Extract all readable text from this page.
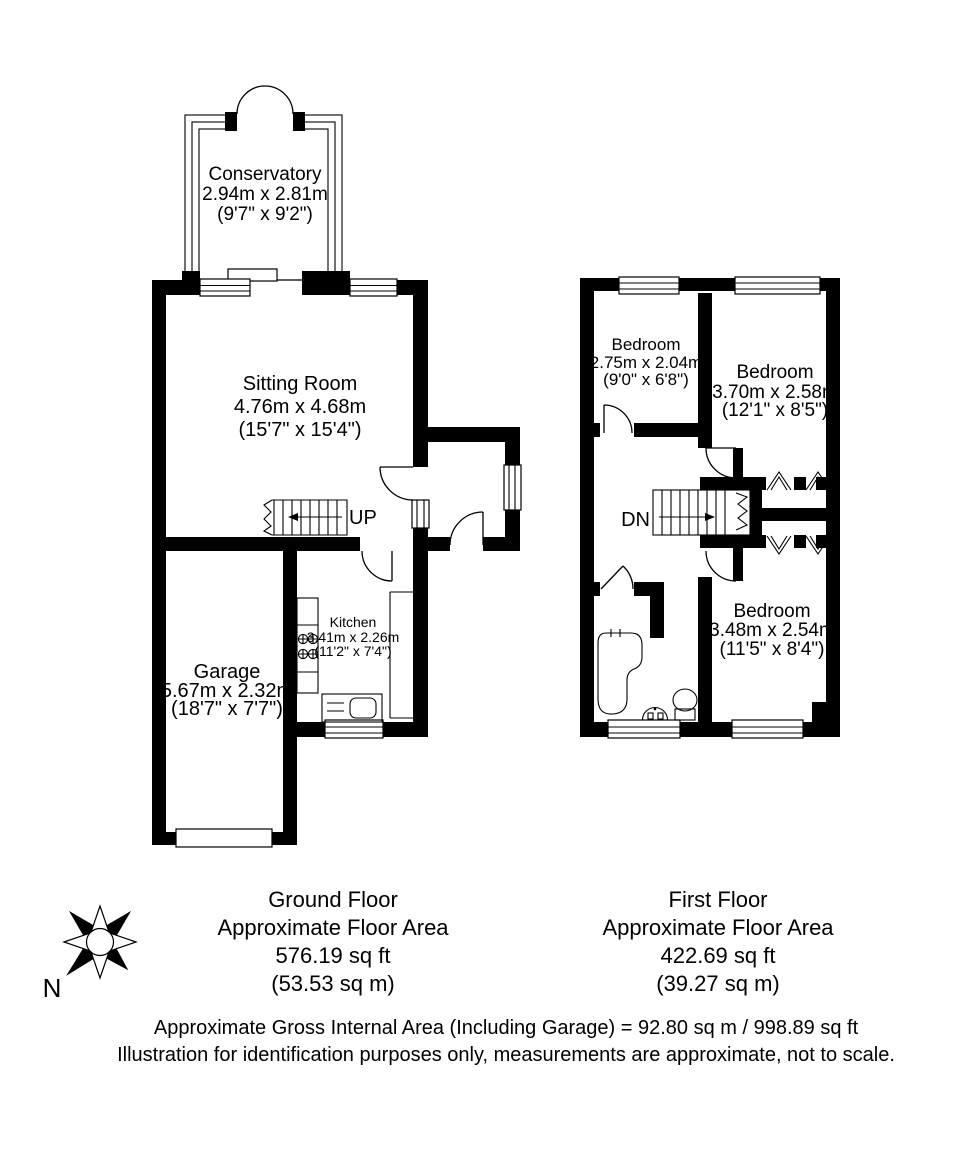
Conservatory
2.94m x 2.81m
(9'7" x 9'2")
Sitting Room
4.76m x 4.68m
(15'7" x 15'4")
Garage
5.67m x 2.32m
(18'7" x 7'7")
Kitchen
3.41m x 2.26m
(11'2" x 7'4")
UP
Bedroom
2.75m x 2.04m
(9'0" x 6'8")	Bedroom
3.70m x 2.58m
(12'1" x 8'5")
Bedroom
3.48m x 2.54m
(11'5" x 8'4")
DN
N
Ground Floor
Approximate Floor Area
576.19 sq ft
(53.53 sq m)
First Floor
Approximate Floor Area
422.69 sq ft
(39.27 sq m)
Approximate Gross Internal Area (Including Garage) = 92.80 sq m / 998.89 sq ft
Illustration for identification purposes only, measurements are approximate, not to scale.
